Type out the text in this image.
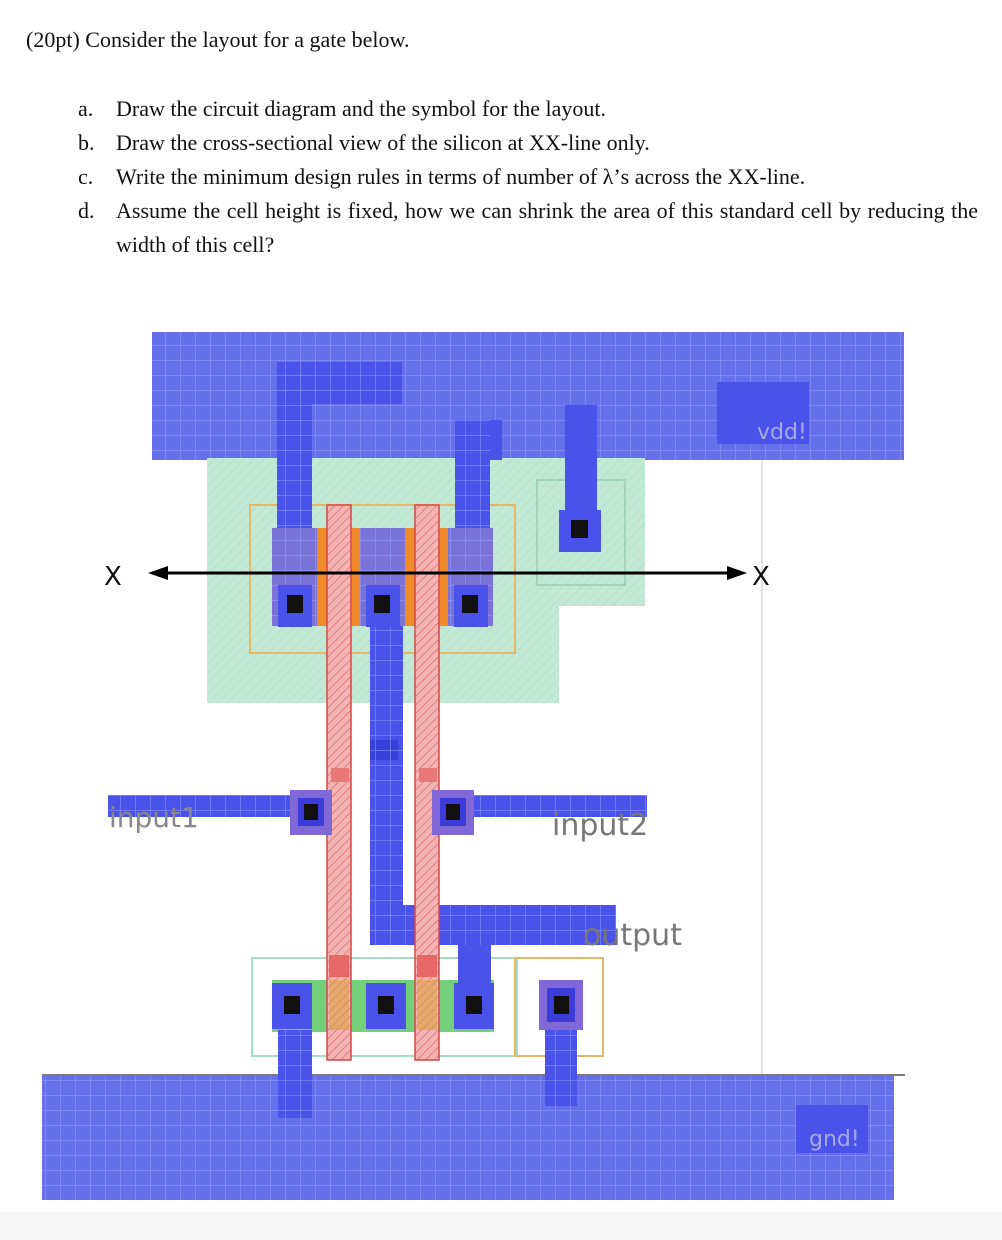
(20pt) Consider the layout for a gate below.
a.	Draw the circuit diagram and the symbol for the layout.
b. Draw the cross-sectional view of the silicon at XX-line only.
c.	Write the minimum design rules in terms of number of λ’s across the XX-line.
d. Assume the cell height is fixed, how we can shrink the area of this standard cell by reducing the width of this cell?
X	X
vdd!
gnd!
input1	input2
output
